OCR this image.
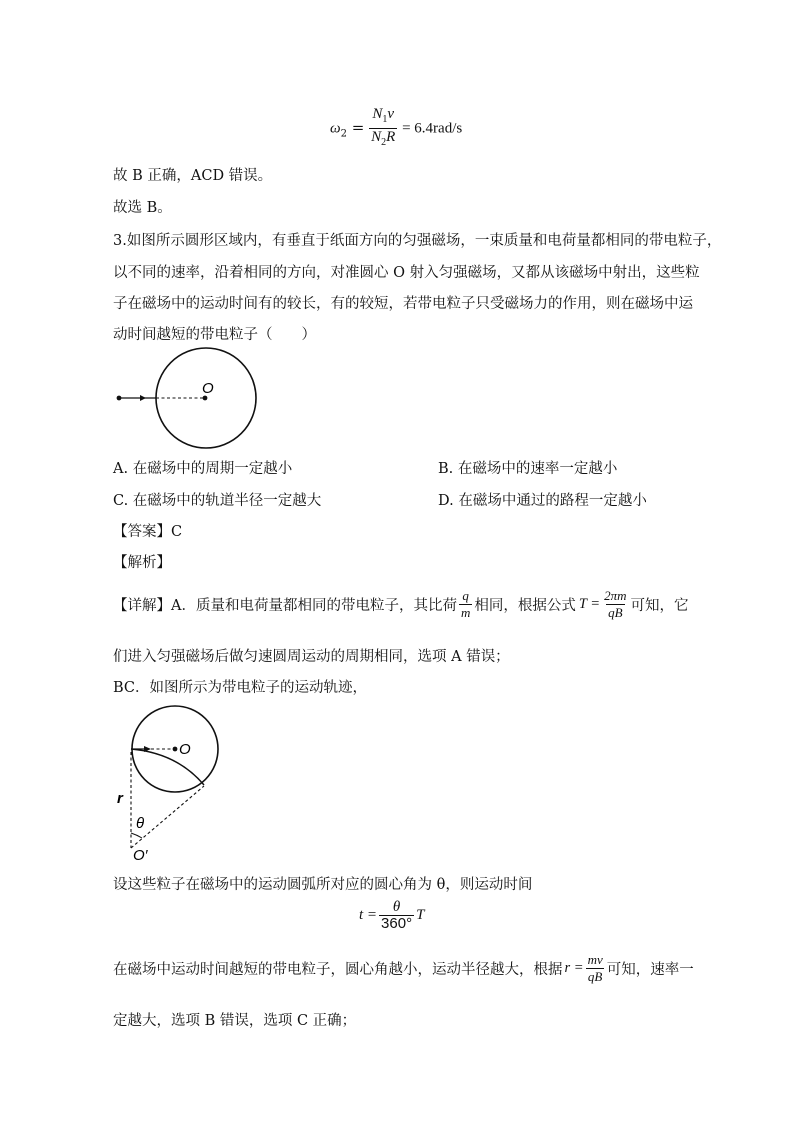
$\omega_2 = \frac{N_1v}{N_2R} = 6.4rad/s$
故 B 正确，ACD 错误。
故选 B。
3.如图所示圆形区域内，有垂直于纸面方向的匀强磁场，一束质量和电荷量都相同的带电粒子，
以不同的速率，沿着相同的方向，对准圆心 O 射入匀强磁场，又都从该磁场中射出，这些粒
子在磁场中的运动时间有的较长，有的较短，若带电粒子只受磁场力的作用，则在磁场中运
动时间越短的带电粒子（　　）
O
A. 在磁场中的周期一定越小	B. 在磁场中的速率一定越小
C. 在磁场中的轨道半径一定越大	D. 在磁场中通过的路程一定越小
【答案】C
【解析】
【详解】 A．质量和电荷量都相同的带电粒子，其比荷 $\frac{q}{m}$ 相同，根据公式 $T = \frac{2\pi m}{qB}$ 可知，它
们进入匀强磁场后做匀速圆周运动的周期相同，选项 A 错误；
BC．如图所示为带电粒子的运动轨迹，
O
r
θ
O′
设这些粒子在磁场中的运动圆弧所对应的圆心角为 θ，则运动时间
$t = \frac{\theta}{360^\circ}$ T
在磁场中运动时间越短的带电粒子，圆心角越小，运动半径越大，根据 $r = \frac{mv}{qB}$ 可知，速率一
定越大，选项 B 错误，选项 C 正确；
